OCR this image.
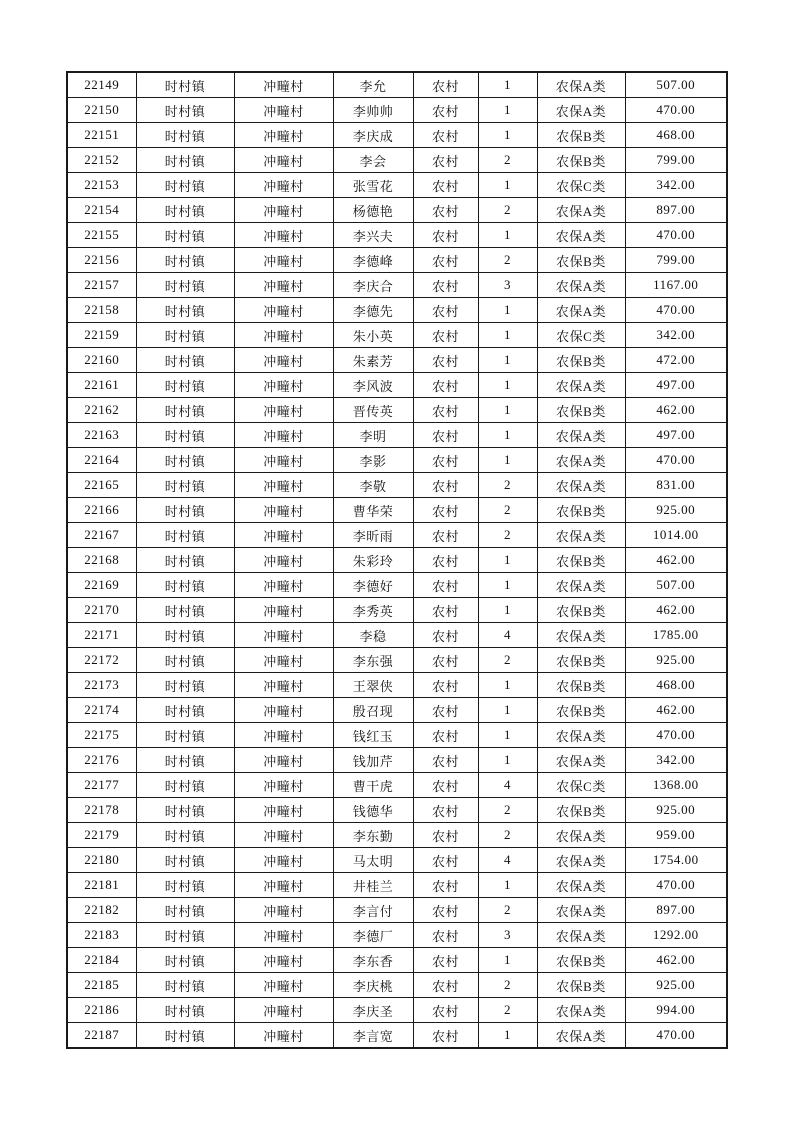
22149	时村镇	冲疃村	李允	农村	1	农保A类	507.00
22150	时村镇	冲疃村	李帅帅	农村	1	农保A类	470.00
22151	时村镇	冲疃村	李庆成	农村	1	农保B类	468.00
22152	时村镇	冲疃村	李会	农村	2	农保B类	799.00
22153	时村镇	冲疃村	张雪花	农村	1	农保C类	342.00
22154	时村镇	冲疃村	杨德艳	农村	2	农保A类	897.00
22155	时村镇	冲疃村	李兴夫	农村	1	农保A类	470.00
22156	时村镇	冲疃村	李德峰	农村	2	农保B类	799.00
22157	时村镇	冲疃村	李庆合	农村	3	农保A类	1167.00
22158	时村镇	冲疃村	李德先	农村	1	农保A类	470.00
22159	时村镇	冲疃村	朱小英	农村	1	农保C类	342.00
22160	时村镇	冲疃村	朱素芳	农村	1	农保B类	472.00
22161	时村镇	冲疃村	李风波	农村	1	农保A类	497.00
22162	时村镇	冲疃村	晋传英	农村	1	农保B类	462.00
22163	时村镇	冲疃村	李明	农村	1	农保A类	497.00
22164	时村镇	冲疃村	李影	农村	1	农保A类	470.00
22165	时村镇	冲疃村	李敬	农村	2	农保A类	831.00
22166	时村镇	冲疃村	曹华荣	农村	2	农保B类	925.00
22167	时村镇	冲疃村	李昕雨	农村	2	农保A类	1014.00
22168	时村镇	冲疃村	朱彩玲	农村	1	农保B类	462.00
22169	时村镇	冲疃村	李德好	农村	1	农保A类	507.00
22170	时村镇	冲疃村	李秀英	农村	1	农保B类	462.00
22171	时村镇	冲疃村	李稳	农村	4	农保A类	1785.00
22172	时村镇	冲疃村	李东强	农村	2	农保B类	925.00
22173	时村镇	冲疃村	王翠侠	农村	1	农保B类	468.00
22174	时村镇	冲疃村	殷召现	农村	1	农保B类	462.00
22175	时村镇	冲疃村	钱红玉	农村	1	农保A类	470.00
22176	时村镇	冲疃村	钱加芹	农村	1	农保A类	342.00
22177	时村镇	冲疃村	曹干虎	农村	4	农保C类	1368.00
22178	时村镇	冲疃村	钱德华	农村	2	农保B类	925.00
22179	时村镇	冲疃村	李东勤	农村	2	农保A类	959.00
22180	时村镇	冲疃村	马太明	农村	4	农保A类	1754.00
22181	时村镇	冲疃村	井桂兰	农村	1	农保A类	470.00
22182	时村镇	冲疃村	李言付	农村	2	农保A类	897.00
22183	时村镇	冲疃村	李德厂	农村	3	农保A类	1292.00
22184	时村镇	冲疃村	李东香	农村	1	农保B类	462.00
22185	时村镇	冲疃村	李庆桃	农村	2	农保B类	925.00
22186	时村镇	冲疃村	李庆圣	农村	2	农保A类	994.00
22187	时村镇	冲疃村	李言宽	农村	1	农保A类	470.00
